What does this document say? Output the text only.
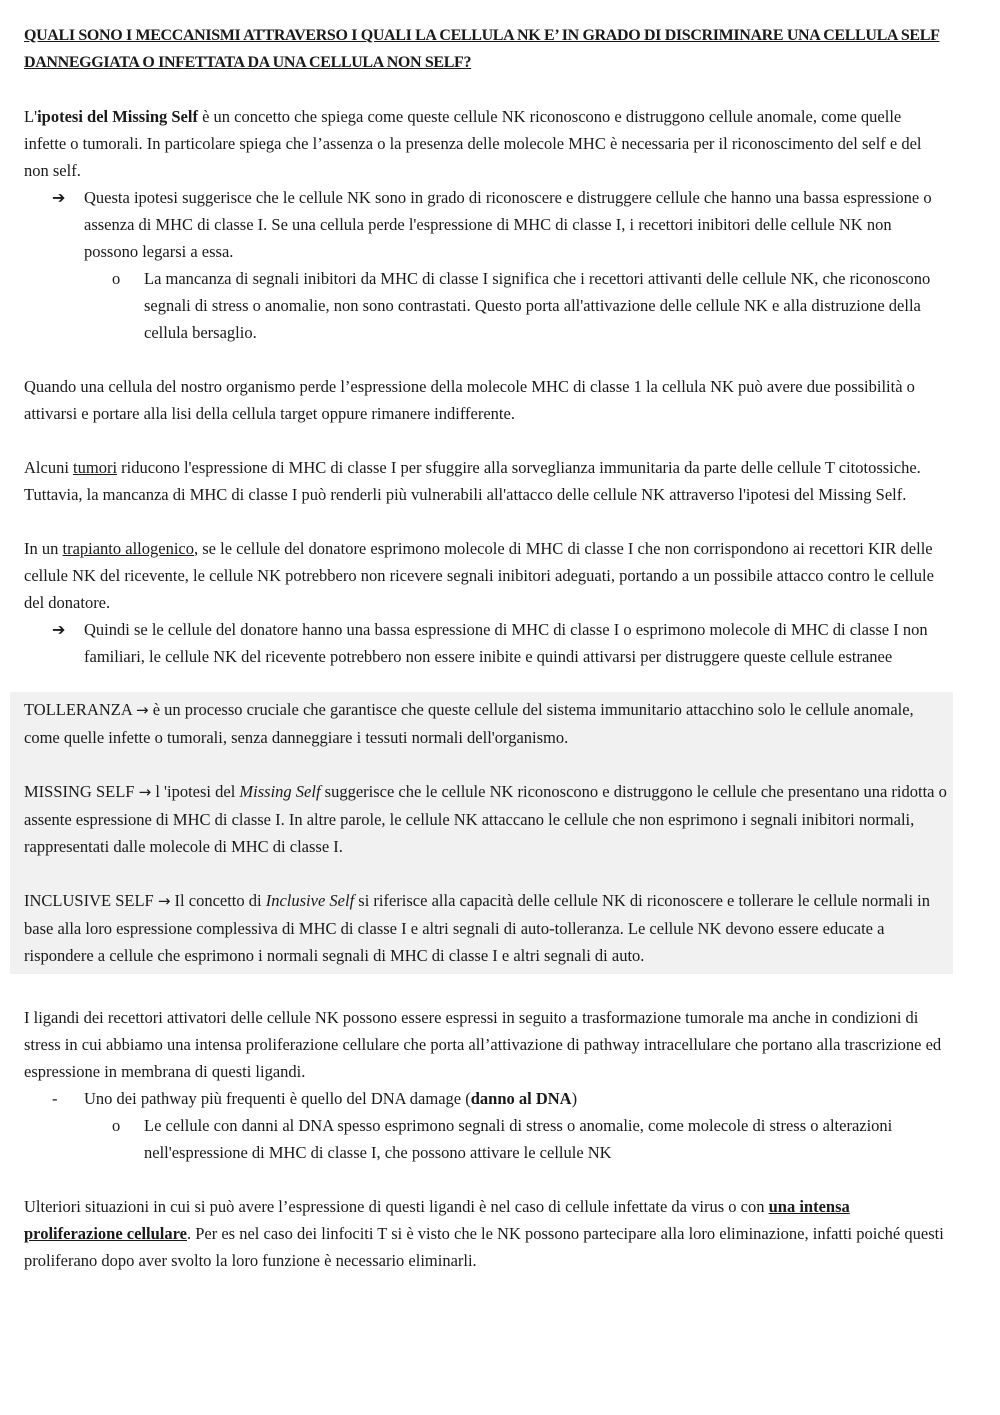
QUALI SONO I MECCANISMI ATTRAVERSO I QUALI LA CELLULA NK E’ IN GRADO DI DISCRIMINARE UNA CELLULA SELF DANNEGGIATA O INFETTATA DA UNA CELLULA NON SELF?

L'ipotesi del Missing Self è un concetto che spiega come queste cellule NK riconoscono e distruggono cellule anomale, come quelle infette o tumorali. In particolare spiega che l’assenza o la presenza delle molecole MHC è necessaria per il riconoscimento del self e del non self.

➔	Questa ipotesi suggerisce che le cellule NK sono in grado di riconoscere e distruggere cellule che hanno una bassa espressione o assenza di MHC di classe I. Se una cellula perde l'espressione di MHC di classe I, i recettori inibitori delle cellule NK non possono legarsi a essa.
o	La mancanza di segnali inibitori da MHC di classe I significa che i recettori attivanti delle cellule NK, che riconoscono segnali di stress o anomalie, non sono contrastati. Questo porta all'attivazione delle cellule NK e alla distruzione della cellula bersaglio.

Quando una cellula del nostro organismo perde l’espressione della molecole MHC di classe 1 la cellula NK può avere due possibilità o attivarsi e portare alla lisi della cellula target oppure rimanere indifferente.

Alcuni tumori riducono l'espressione di MHC di classe I per sfuggire alla sorveglianza immunitaria da parte delle cellule T citotossiche. Tuttavia, la mancanza di MHC di classe I può renderli più vulnerabili all'attacco delle cellule NK attraverso l'ipotesi del Missing Self.

In un trapianto allogenico, se le cellule del donatore esprimono molecole di MHC di classe I che non corrispondono ai recettori KIR delle cellule NK del ricevente, le cellule NK potrebbero non ricevere segnali inibitori adeguati, portando a un possibile attacco contro le cellule del donatore.

➔	Quindi se le cellule del donatore hanno una bassa espressione di MHC di classe I o esprimono molecole di MHC di classe I non familiari, le cellule NK del ricevente potrebbero non essere inibite e quindi attivarsi per distruggere queste cellule estranee

TOLLERANZA → è un processo cruciale che garantisce che queste cellule del sistema immunitario attacchino solo le cellule anomale, come quelle infette o tumorali, senza danneggiare i tessuti normali dell'organismo.

MISSING SELF → l 'ipotesi del Missing Self suggerisce che le cellule NK riconoscono e distruggono le cellule che presentano una ridotta o assente espressione di MHC di classe I. In altre parole, le cellule NK attaccano le cellule che non esprimono i segnali inibitori normali, rappresentati dalle molecole di MHC di classe I.

INCLUSIVE SELF → Il concetto di Inclusive Self si riferisce alla capacità delle cellule NK di riconoscere e tollerare le cellule normali in base alla loro espressione complessiva di MHC di classe I e altri segnali di auto-tolleranza. Le cellule NK devono essere educate a rispondere a cellule che esprimono i normali segnali di MHC di classe I e altri segnali di auto.

I ligandi dei recettori attivatori delle cellule NK possono essere espressi in seguito a trasformazione tumorale ma anche in condizioni di stress in cui abbiamo una intensa proliferazione cellulare che porta all’attivazione di pathway intracellulare che portano alla trascrizione ed espressione in membrana di questi ligandi.

-	Uno dei pathway più frequenti è quello del DNA damage (danno al DNA)
o	Le cellule con danni al DNA spesso esprimono segnali di stress o anomalie, come molecole di stress o alterazioni nell'espressione di MHC di classe I, che possono attivare le cellule NK

Ulteriori situazioni in cui si può avere l’espressione di questi ligandi è nel caso di cellule infettate da virus o con una intensa proliferazione cellulare. Per es nel caso dei linfociti T si è visto che le NK possono partecipare alla loro eliminazione, infatti poiché questi proliferano dopo aver svolto la loro funzione è necessario eliminarli.
